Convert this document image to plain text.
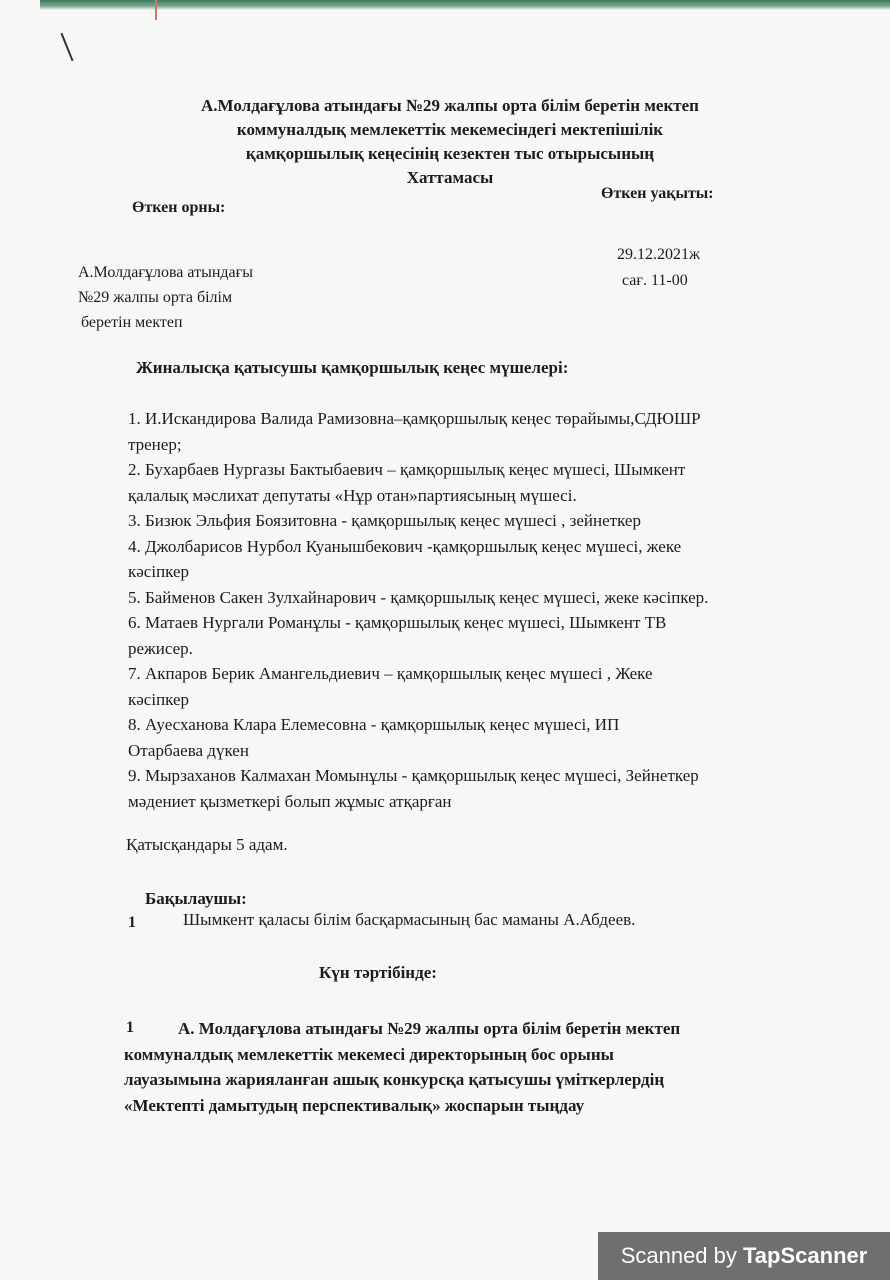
А.Молдағұлова атындағы №29 жалпы орта білім беретін мектеп
коммуналдық мемлекеттік мекемесіндегі мектепішілік
қамқоршылық кеңесінің кезектен тыс отырысының
Хаттамасы
Өткен орны:
А.Молдағұлова атындағы
№29 жалпы орта білім
беретін мектеп
Өткен уақыты:
29.12.2021ж
сағ. 11-00
Жиналысқа қатысушы қамқоршылық кеңес мүшелері:
1. И.Искандирова Валида Рамизовна–қамқоршылық кеңес төрайымы,СДЮШР
тренер;
2. Бухарбаев Нургазы Бактыбаевич – қамқоршылық кеңес мүшесі, Шымкент
қалалық мәслихат депутаты «Нұр отан»партиясының мүшесі.
3. Бизюк Эльфия Боязитовна - қамқоршылық кеңес мүшесі , зейнеткер
4. Джолбарисов Нурбол Куанышбекович -қамқоршылық кеңес мүшесі, жеке
кәсіпкер
5. Байменов Сакен Зулхайнарович - қамқоршылық кеңес мүшесі, жеке кәсіпкер.
6. Матаев Нургали Романұлы - қамқоршылық кеңес мүшесі, Шымкент ТВ
режисер.
7. Акпаров Берик Амангельдиевич – қамқоршылық кеңес мүшесі , Жеке
кәсіпкер
8. Ауесханова Клара Елемесовна - қамқоршылық кеңес мүшесі, ИП
Отарбаева дүкен
9. Мырзаханов Калмахан Момынұлы - қамқоршылық кеңес мүшесі, Зейнеткер
мәдениет қызметкері болып жұмыс атқарған
Қатысқандары 5 адам.
Бақылаушы:
1	Шымкент қаласы білім басқармасының бас маманы А.Абдеев.
Күн тәртібінде:
1	А. Молдағұлова атындағы №29 жалпы орта білім беретін мектеп
коммуналдық мемлекеттік мекемесі директорының бос орыны
лауазымына жарияланған ашық конкурсқа қатысушы үміткерлердің
«Мектепті дамытудың перспективалық» жоспарын тыңдау
Scanned by TapScanner
